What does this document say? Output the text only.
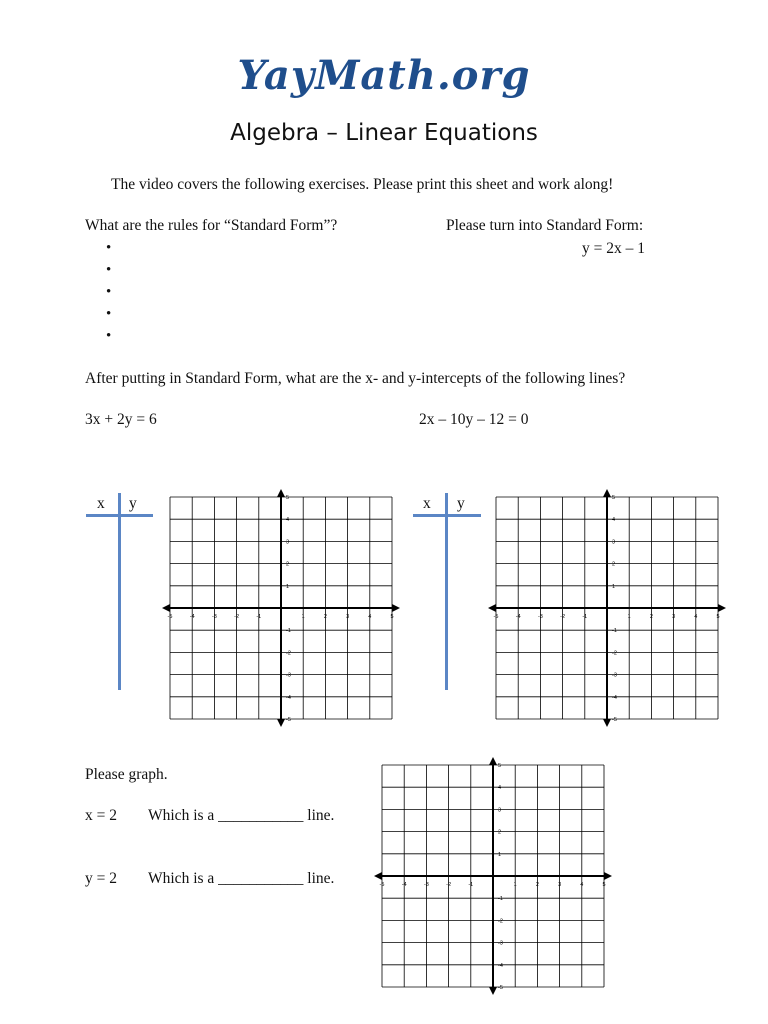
YayMath.org
Algebra – Linear Equations
The video covers the following exercises. Please print this sheet and work along!
What are the rules for “Standard Form”?	Please turn into Standard Form:
y = 2x – 1
•
•
•
•
•
After putting in Standard Form, what are the x- and y-intercepts of the following lines?
3x + 2y = 6	2x – 10y – 12 = 0
x y	x y
-5
-5
-4
-4
-3
-3
-2
-2
-1
-1
1
1
2
2
3
3
4
4
5
5
-5
-5
-4
-4
-3
-3
-2
-2
-1
-1
1
1
2
2
3
3
4
4
5
5
-5
-5
-4
-4
-3
-3
-2
-2
-1
-1
1
1
2
2
3
3
4
4
5
5
Please graph.
x = 2 Which is a ___________ line.
y = 2 Which is a ___________ line.
